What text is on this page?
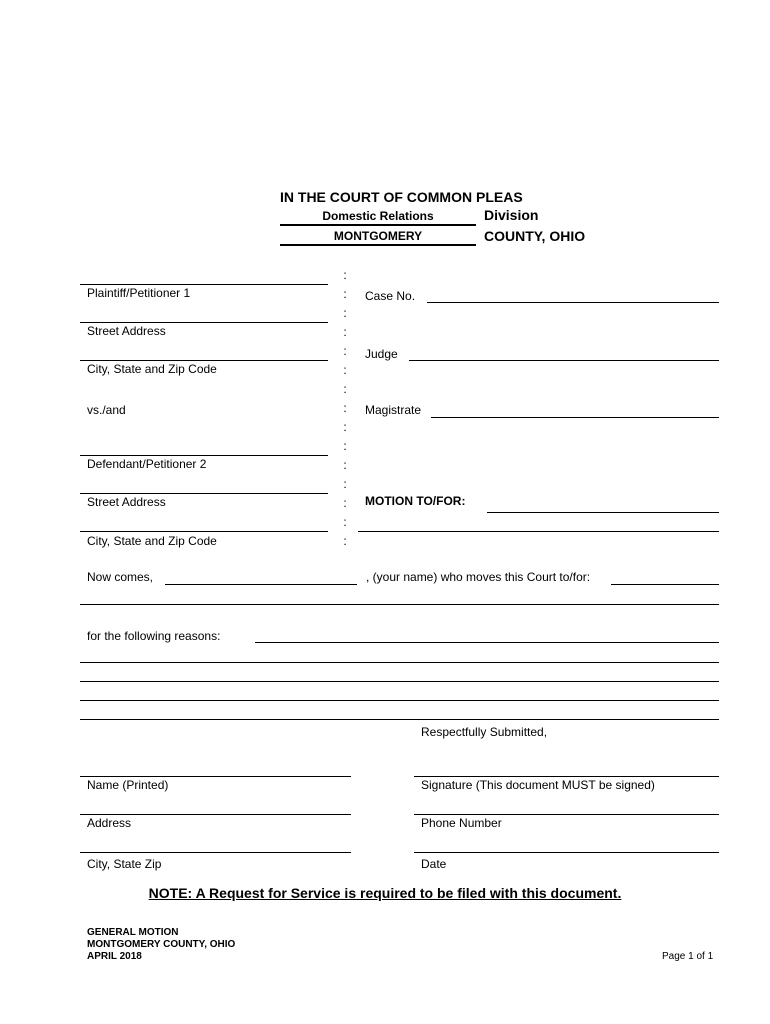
IN THE COURT OF COMMON PLEAS
Domestic Relations	Division
MONTGOMERY	COUNTY, OHIO
Plaintiff/Petitioner 1
Street Address
City, State and Zip Code
vs./and
Defendant/Petitioner 2
Street Address
City, State and Zip Code
:
:
:
:
:
:
:
:
:
:
:
:
:
:
:
Case No.
Judge
Magistrate
MOTION TO/FOR:
Now comes,	, (your name) who moves this Court to/for:
for the following reasons:
Respectfully Submitted,
Name (Printed)	Signature (This document MUST be signed)
Address	Phone Number
City, State Zip	Date
NOTE: A Request for Service is required to be filed with this document.
GENERAL MOTION
MONTGOMERY COUNTY, OHIO
APRIL 2018	Page 1 of 1
